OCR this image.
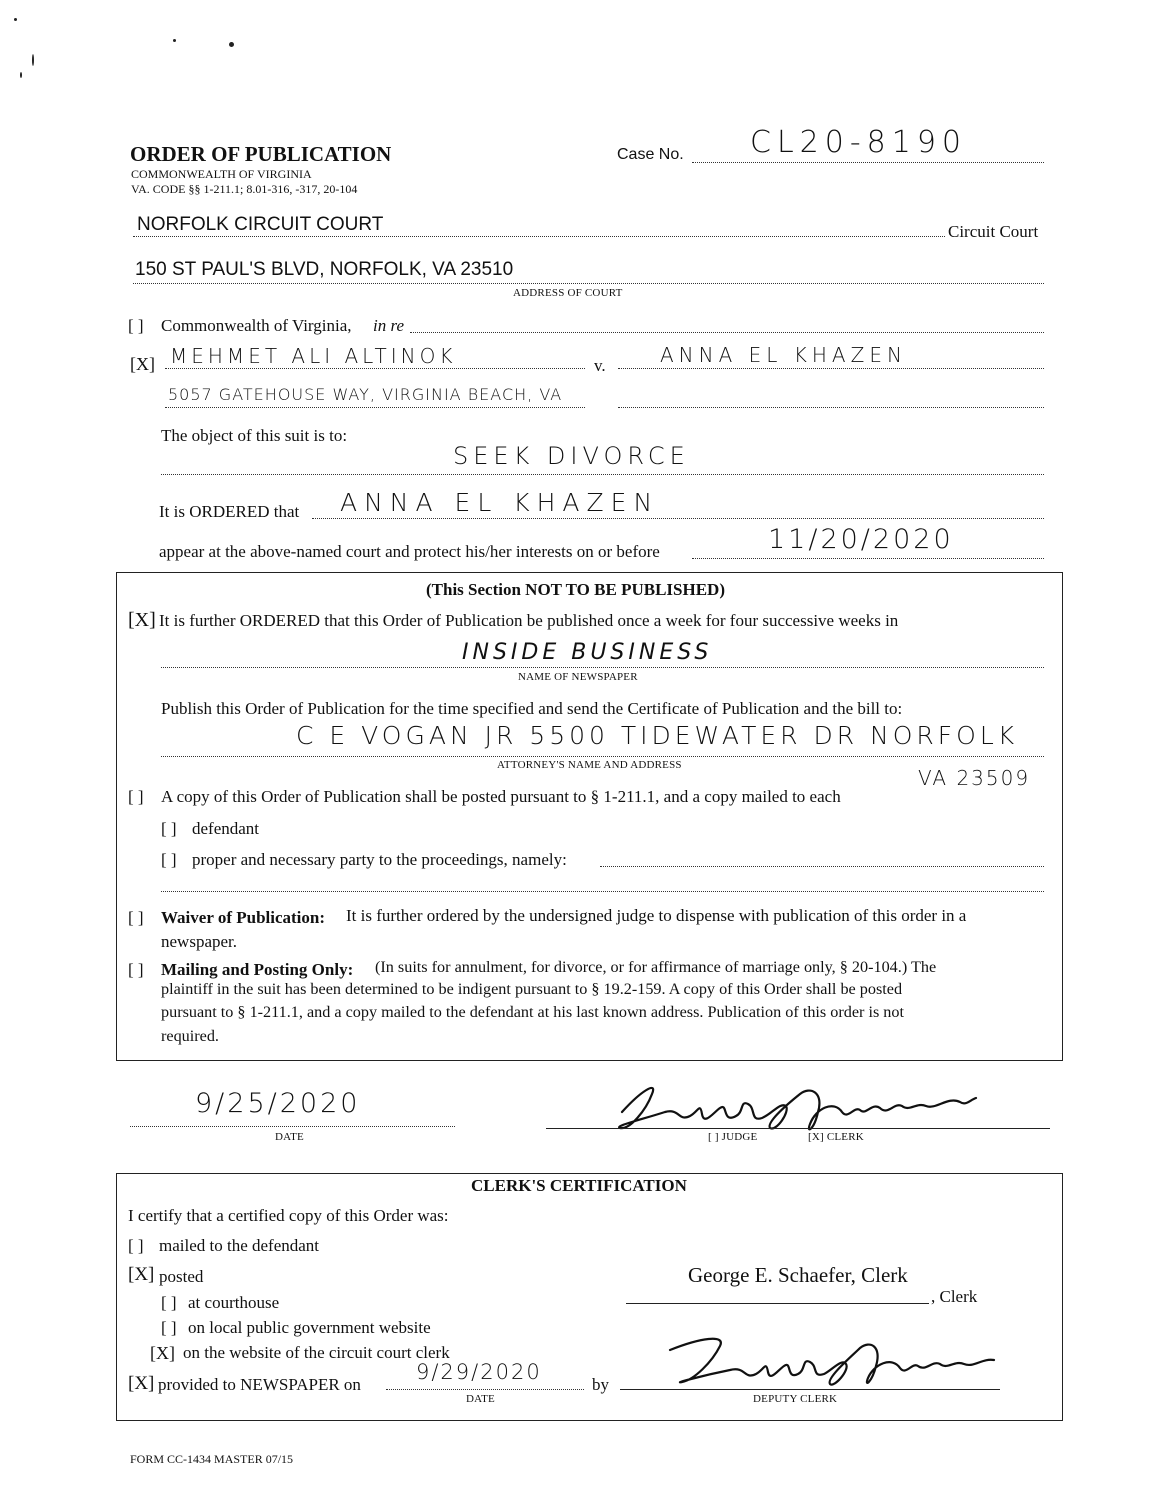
ORDER OF PUBLICATION
COMMONWEALTH OF VIRGINIA
VA. CODE §§ 1-211.1; 8.01-316, -317, 20-104
Case No. CL20-8190
NORFOLK CIRCUIT COURT	Circuit Court
150 ST PAUL'S BLVD, NORFOLK, VA 23510
ADDRESS OF COURT
[ ] Commonwealth of Virginia, in re
[X] MEHMET ALI ALTINOK	v.	ANNA EL KHAZEN
5057 GATEHOUSE WAY, VIRGINIA BEACH, VA
The object of this suit is to:
SEEK DIVORCE
It is ORDERED that ANNA EL KHAZEN
appear at the above-named court and protect his/her interests on or before	11/20/2020
(This Section NOT TO BE PUBLISHED)
[X] It is further ORDERED that this Order of Publication be published once a week for four successive weeks in
INSIDE BUSINESS
NAME OF NEWSPAPER
Publish this Order of Publication for the time specified and send the Certificate of Publication and the bill to:
C E VOGAN JR 5500 TIDEWATER DR NORFOLK
ATTORNEY'S NAME AND ADDRESS
VA 23509
[ ] A copy of this Order of Publication shall be posted pursuant to § 1-211.1, and a copy mailed to each
[ ] defendant
[ ] proper and necessary party to the proceedings, namely:
[ ] Waiver of Publication: It is further ordered by the undersigned judge to dispense with publication of this order in a
newspaper.
[ ] Mailing and Posting Only: (In suits for annulment, for divorce, or for affirmance of marriage only, § 20-104.) The
plaintiff in the suit has been determined to be indigent pursuant to § 19.2-159. A copy of this Order shall be posted
pursuant to § 1-211.1, and a copy mailed to the defendant at his last known address. Publication of this order is not
required.
9/25/2020
DATE	[ ] JUDGE	[X] CLERK
CLERK'S CERTIFICATION
I certify that a certified copy of this Order was:
[ ] mailed to the defendant
[X] posted
[ ] at courthouse
[ ] on local public government website
[X] on the website of the circuit court clerk
[X] provided to NEWSPAPER on
9/29/2020
DATE
by
George E. Schaefer, Clerk
, Clerk
DEPUTY CLERK
FORM CC-1434 MASTER 07/15
